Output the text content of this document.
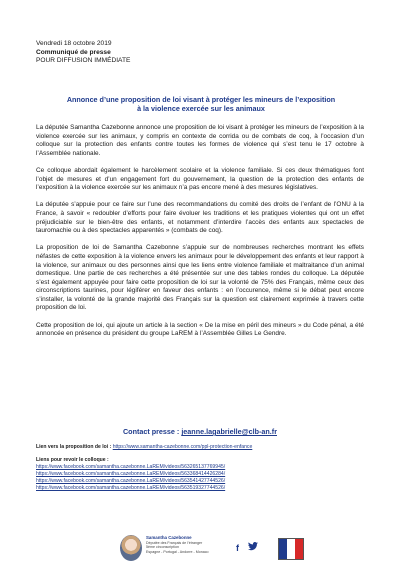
Vendredi 18 octobre 2019
Communiqué de presse
POUR DIFFUSION IMMÉDIATE
Annonce d’une proposition de loi visant à protéger les mineurs de l’exposition
à la violence exercée sur les animaux

La députée Samantha Cazebonne annonce une proposition de loi visant à protéger les mineurs de l’exposition à la violence exercée sur les animaux, y compris en contexte de corrida ou de combats de coq, à l’occasion d’un colloque sur la protection des enfants contre toutes les formes de violence qui s’est tenu le 17 octobre à l’Assemblée nationale.

Ce colloque abordait également le harcèlement scolaire et la violence familiale. Si ces deux thématiques font l’objet de mesures et d’un engagement fort du gouvernement, la question de la protection des enfants de l’exposition à la violence exercée sur les animaux n’a pas encore mené à des mesures législatives.

La députée s’appuie pour ce faire sur l’une des recommandations du comité des droits de l’enfant de l’ONU à la France, à savoir « redoubler d’efforts pour faire évoluer les traditions et les pratiques violentes qui ont un effet préjudiciable sur le bien-être des enfants, et notamment d’interdire l’accès des enfants aux spectacles de tauromachie ou à des spectacles apparentés » (combats de coq).

La proposition de loi de Samantha Cazebonne s’appuie sur de nombreuses recherches montrant les effets néfastes de cette exposition à la violence envers les animaux pour le développement des enfants et leur rapport à la violence, sur animaux ou des personnes ainsi que les liens entre violence familiale et maltraitance d’un animal domestique. Une partie de ces recherches a été présentée sur une des tables rondes du colloque. La députée s’est également appuyée pour faire cette proposition de loi sur la volonté de 75% des Français, même ceux des circonscriptions taurines, pour légiférer en faveur des enfants : en l’occurence, même si le débat peut encore s’installer, la volonté de la grande majorité des Français sur la question est clairement exprimée à travers cette proposition de loi.

Cette proposition de loi, qui ajoute un article à la section « De la mise en péril des mineurs » du Code pénal, a été annoncée en présence du président du groupe LaREM à l’Assemblée Gilles Le Gendre.

Contact presse : jeanne.lagabrielle@clb-an.fr
Lien vers la proposition de loi : https://www.samantha-cazebonne.com/ppl-protection-enfance
Liens pour revoir le colloque :
https://www.facebook.com/samantha.cazebonne.LaREM/videos/563265137769945/
https://www.facebook.com/samantha.cazebonne.LaREM/videos/563368414426284/
https://www.facebook.com/samantha.cazebonne.LaREM/videos/563541427744526/
https://www.facebook.com/samantha.cazebonne.LaREM/videos/563519327744526/
Samantha Cazebonne
Députée des Français de l’étranger
5ème circonscription
Espagne - Portugal - Andorre - Monaco	f
